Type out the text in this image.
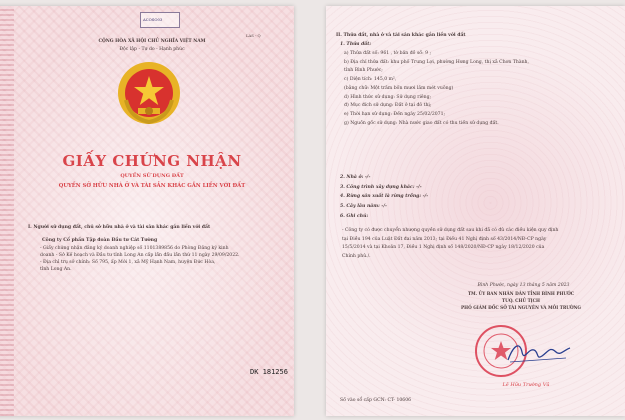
ACOSO03
LAS - Q
CỘNG HÒA XÃ HỘI CHỦ NGHĨA VIỆT NAM
Độc lập - Tự do - Hạnh phúc
GIẤY CHỨNG NHẬN
QUYỀN SỬ DỤNG ĐẤT
QUYỀN SỞ HỮU NHÀ Ở VÀ TÀI SẢN KHÁC GẮN LIỀN VỚI ĐẤT
I. Người sử dụng đất, chủ sở hữu nhà ở và tài sản khác gắn liền với đất
Công ty Cổ phần Tập đoàn Đầu tư Cát Tường
- Giấy chứng nhận đăng ký doanh nghiệp số 1101389856 do Phòng Đăng ký kinh
doanh - Sở Kế hoạch và Đầu tư tỉnh Long An cấp lần đầu lần thứ 11 ngày 29/09/2022.
- Địa chỉ trụ sở chính: Số 795, ấp Mới 1, xã Mỹ Hạnh Nam, huyện Đức Hòa,
tỉnh Long An.
DK 181256
II. Thửa đất, nhà ở và tài sản khác gắn liền với đất
1. Thửa đất:
a) Thửa đất số: 961 , tờ bản đồ số: 9 ;
b) Địa chỉ thửa đất: khu phố Trung Lợi, phường Hưng Long, thị xã Chơn Thành,
tỉnh Bình Phước;
c) Diện tích: 145,0 m²,
(bằng chữ: Một trăm bốn mươi lăm mét vuông)
d) Hình thức sử dụng: Sử dụng riêng;
đ) Mục đích sử dụng: Đất ở tại đô thị;
e) Thời hạn sử dụng: Đến ngày 25/02/2071;
g) Nguồn gốc sử dụng: Nhà nước giao đất có thu tiền sử dụng đất.
2. Nhà ở: -/-
3. Công trình xây dựng khác: -/-
4. Rừng sản xuất là rừng trồng: -/-
5. Cây lâu năm: -/-
6. Ghi chú:
- Công ty có được chuyển nhượng quyền sử dụng đất sau khi đã có đủ các điều kiện quy định
tại Điều 194 của Luật Đất đai năm 2013; tại Điều 41 Nghị định số 43/2014/NĐ-CP ngày
15/5/2014 và tại Khoản 17, Điều 1 Nghị định số 148/2020/NĐ-CP ngày 18/12/2020 của
Chính phủ./.
Bình Phước, ngày 13 tháng 5 năm 2023
TM. ỦY BAN NHÂN DÂN TỈNH BÌNH PHƯỚC
TUQ. CHỦ TỊCH
PHÓ GIÁM ĐỐC SỞ TÀI NGUYÊN VÀ MÔI TRƯỜNG
Lê Hữu Trường Vũ
Số vào sổ cấp GCN: CT- 10606
